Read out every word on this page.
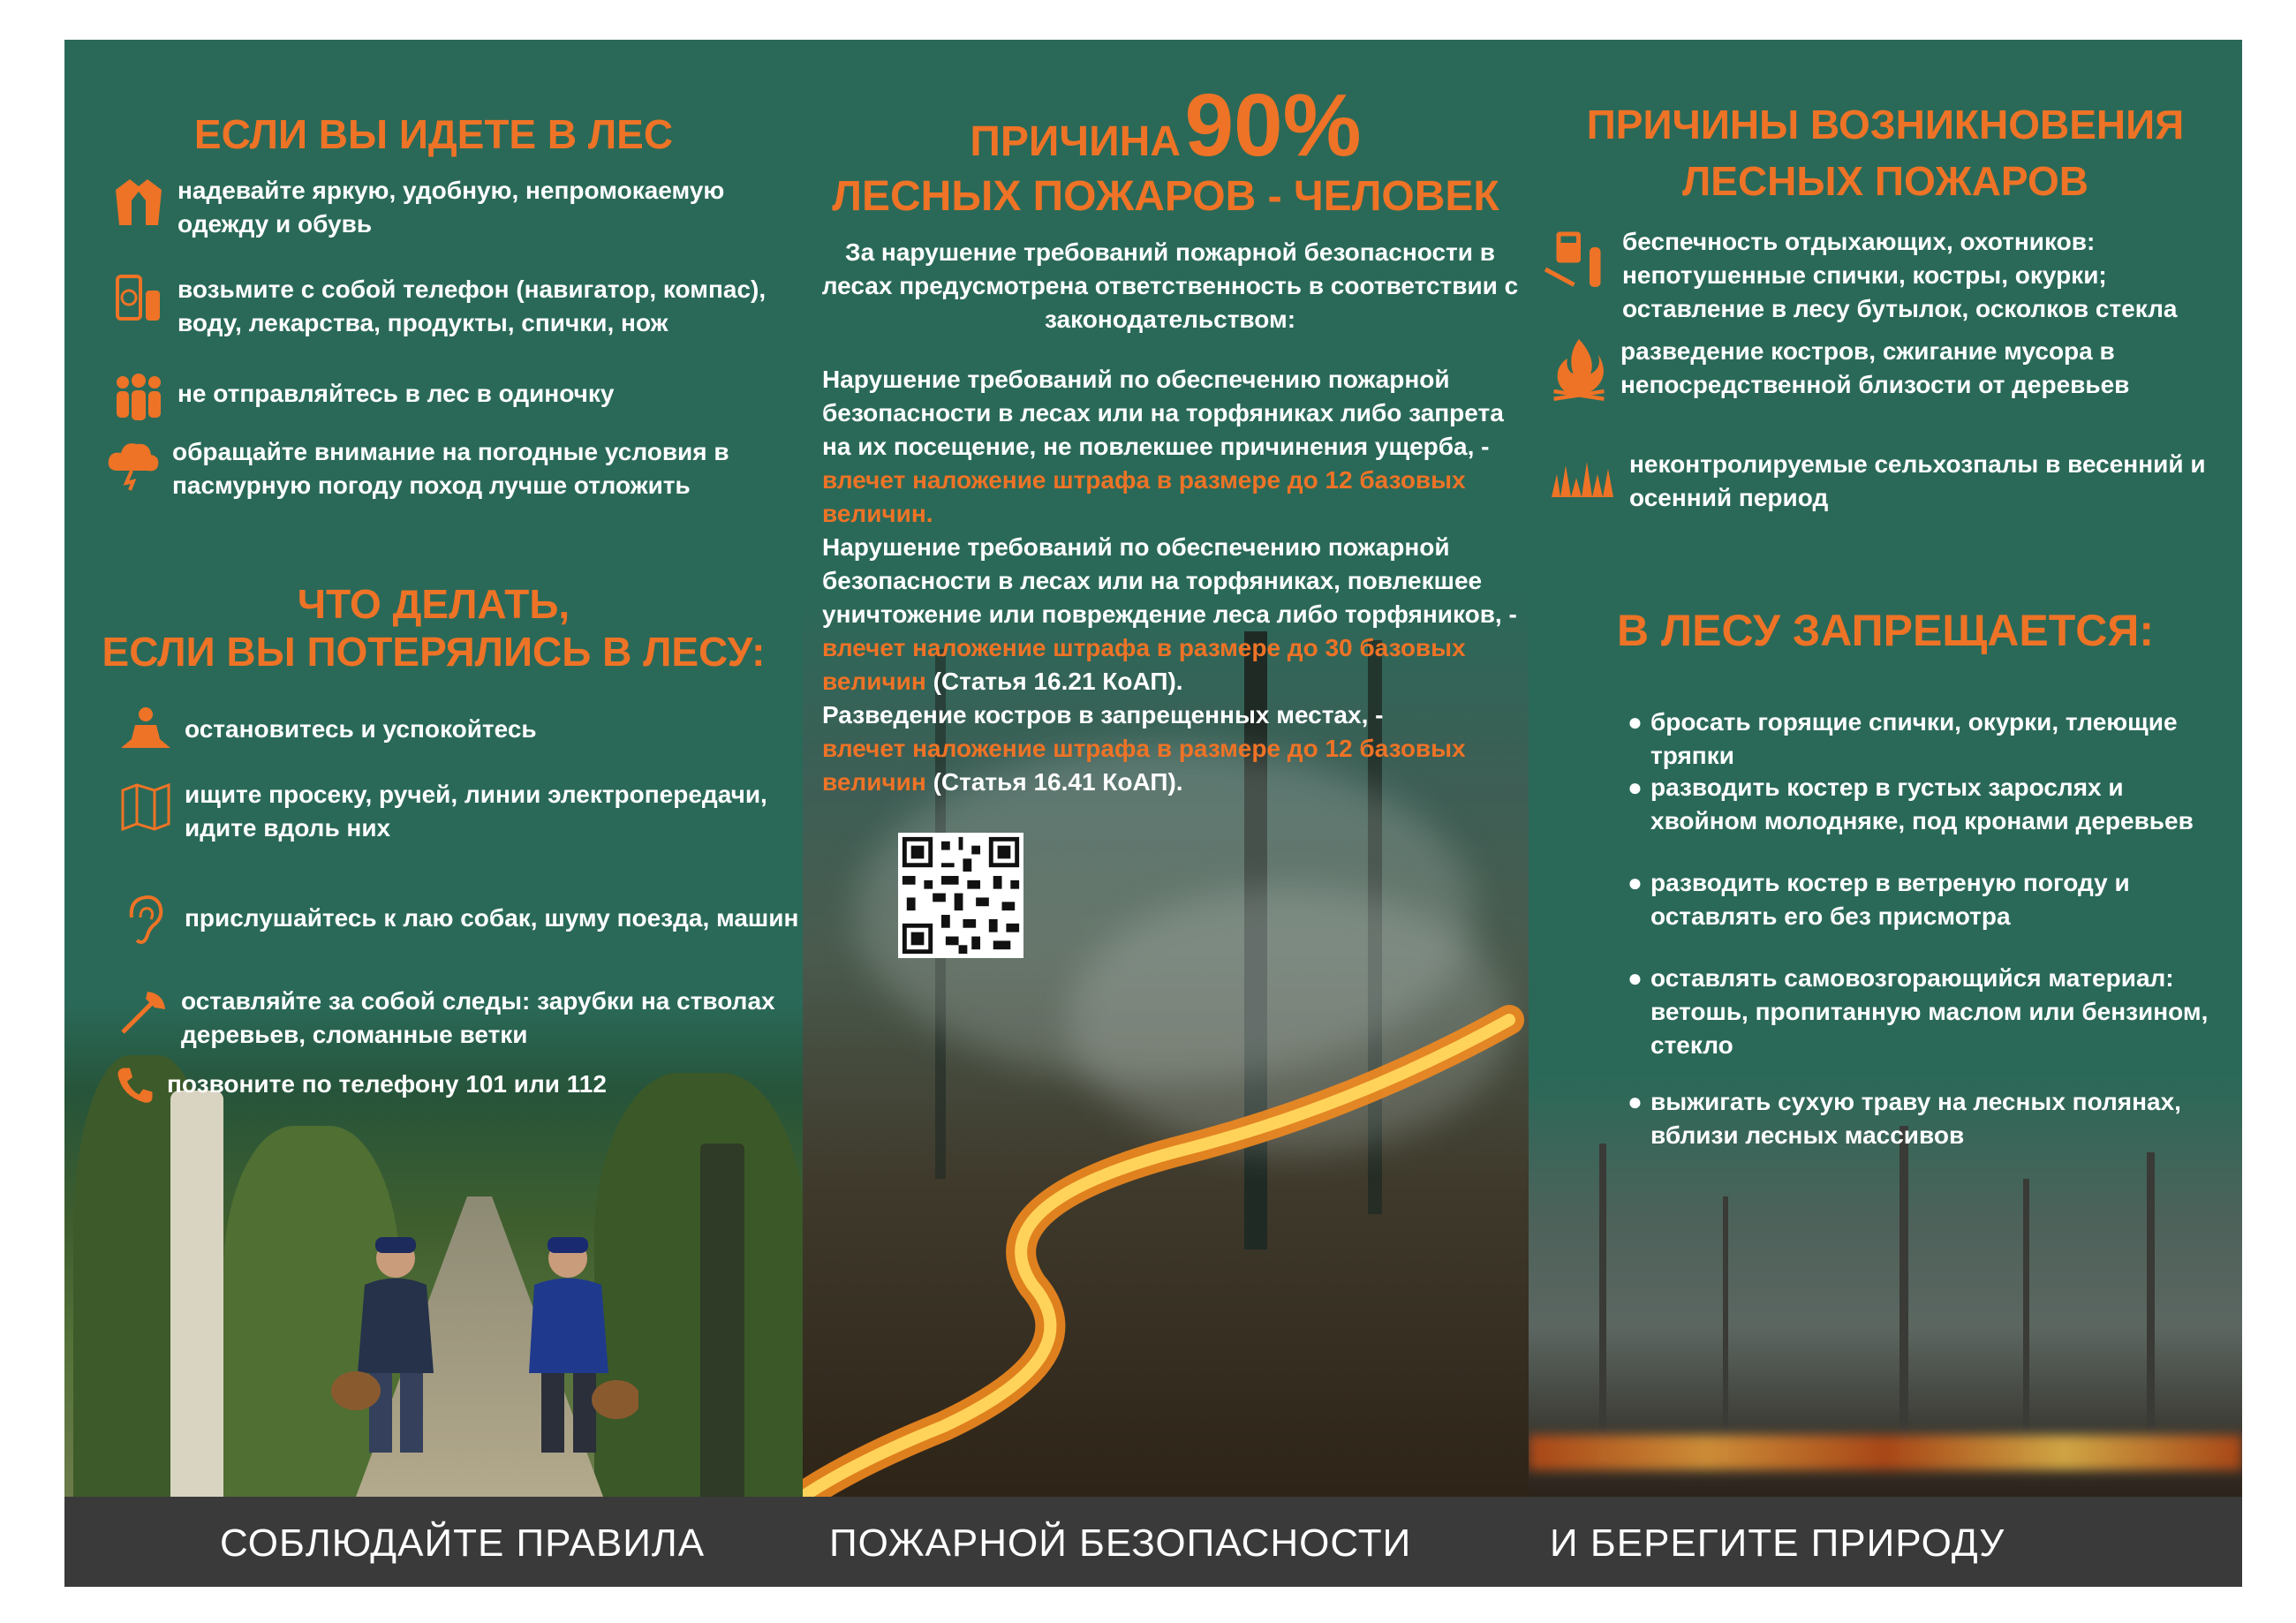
ЕСЛИ ВЫ ИДЕТЕ В ЛЕС
надевайте яркую, удобную, непромокаемую одежду и обувь
возьмите с собой телефон (навигатор, компас), воду, лекарства, продукты, спички, нож
не отправляйтесь в лес в одиночку
обращайте внимание на погодные условия в пасмурную погоду поход лучше отложить
ЧТО ДЕЛАТЬ,
ЕСЛИ ВЫ ПОТЕРЯЛИСЬ В ЛЕСУ:
остановитесь и успокойтесь
ищите просеку, ручей, линии электропередачи, идите вдоль них
прислушайтесь к лаю собак, шуму поезда, машин
оставляйте за собой следы: зарубки на стволах деревьев, сломанные ветки
позвоните по телефону 101 или 112
ПРИЧИНА 90%
ЛЕСНЫХ ПОЖАРОВ - ЧЕЛОВЕК
За нарушение требований пожарной безопасности в лесах предусмотрена ответственность в соответствии с законодательством:
Нарушение требований по обеспечению пожарной безопасности в лесах или на торфяниках либо запрета на их посещение, не повлекшее причинения ущерба, -
влечет наложение штрафа в размере до 12 базовых величин.
Нарушение требований по обеспечению пожарной безопасности в лесах или на торфяниках, повлекшее уничтожение или повреждение леса либо торфяников, -
влечет наложение штрафа в размере до 30 базовых величин (Статья 16.21 КоАП).
Разведение костров в запрещенных местах, -
влечет наложение штрафа в размере до 12 базовых величин (Статья 16.41 КоАП).
ПРИЧИНЫ ВОЗНИКНОВЕНИЯ
ЛЕСНЫХ ПОЖАРОВ
беспечность отдыхающих, охотников: непотушенные спички, костры, окурки; оставление в лесу бутылок, осколков стекла
разведение костров, сжигание мусора в непосредственной близости от деревьев
неконтролируемые сельхозпалы в весенний и осенний период
В ЛЕСУ ЗАПРЕЩАЕТСЯ:
● бросать горящие спички, окурки, тлеющие тряпки
● разводить костер в густых зарослях и хвойном молодняке, под кронами деревьев
● разводить костер в ветреную погоду и оставлять его без присмотра
● оставлять самовозгорающийся материал: ветошь, пропитанную маслом или бензином, стекло
● выжигать сухую траву на лесных полянах, вблизи лесных массивов
СОБЛЮДАЙТЕ ПРАВИЛА	ПОЖАРНОЙ БЕЗОПАСНОСТИ	И БЕРЕГИТЕ ПРИРОДУ
